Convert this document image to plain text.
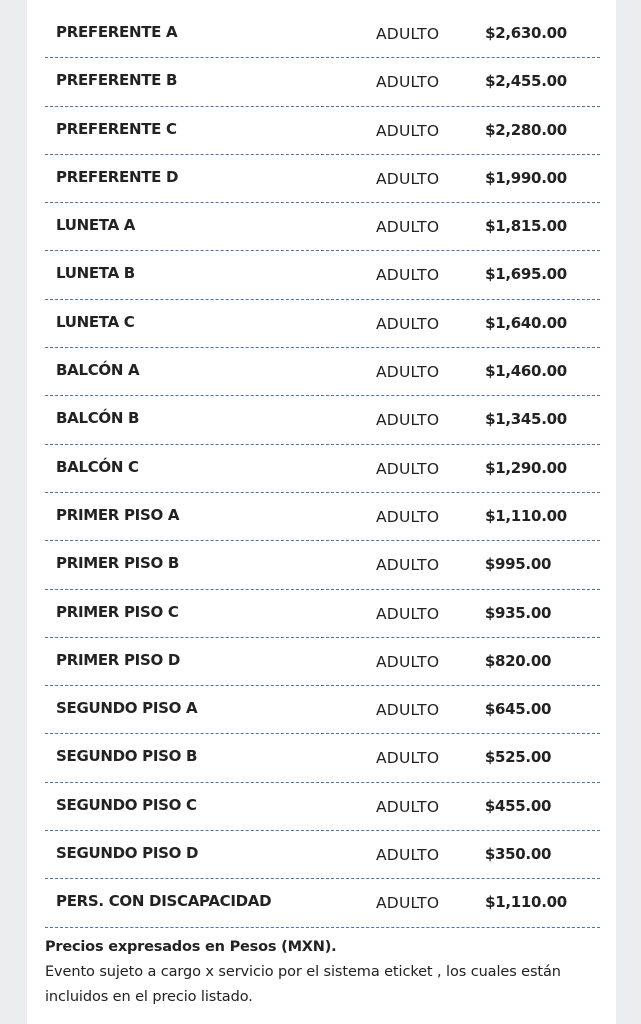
PREFERENTE A	ADULTO	$2,630.00
PREFERENTE B	ADULTO	$2,455.00
PREFERENTE C	ADULTO	$2,280.00
PREFERENTE D	ADULTO	$1,990.00
LUNETA A	ADULTO	$1,815.00
LUNETA B	ADULTO	$1,695.00
LUNETA C	ADULTO	$1,640.00
BALCÓN A	ADULTO	$1,460.00
BALCÓN B	ADULTO	$1,345.00
BALCÓN C	ADULTO	$1,290.00
PRIMER PISO A	ADULTO	$1,110.00
PRIMER PISO B	ADULTO	$995.00
PRIMER PISO C	ADULTO	$935.00
PRIMER PISO D	ADULTO	$820.00
SEGUNDO PISO A	ADULTO	$645.00
SEGUNDO PISO B	ADULTO	$525.00
SEGUNDO PISO C	ADULTO	$455.00
SEGUNDO PISO D	ADULTO	$350.00
PERS. CON DISCAPACIDAD	ADULTO	$1,110.00
Precios expresados en Pesos (MXN).
Evento sujeto a cargo x servicio por el sistema eticket , los cuales están
incluidos en el precio listado.
